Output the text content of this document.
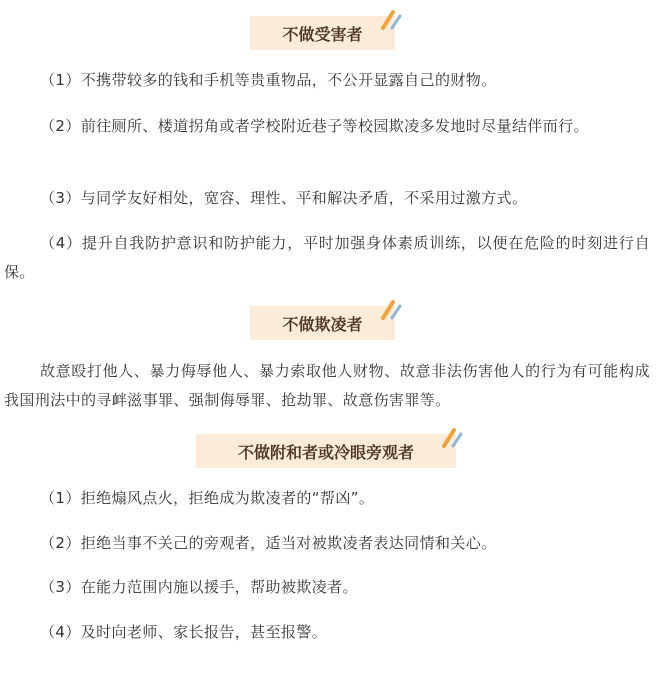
不做受害者

（1）不携带较多的钱和手机等贵重物品，不公开显露自己的财物。

（2）前往厕所、楼道拐角或者学校附近巷子等校园欺凌多发地时尽量结伴而行。

（3）与同学友好相处，宽容、理性、平和解决矛盾，不采用过激方式。

（4）提升自我防护意识和防护能力，平时加强身体素质训练，以便在危险的时刻进行自保。

不做欺凌者

故意殴打他人、暴力侮辱他人、暴力索取他人财物、故意非法伤害他人的行为有可能构成我国刑法中的寻衅滋事罪、强制侮辱罪、抢劫罪、故意伤害罪等。

不做附和者或冷眼旁观者

（1）拒绝煽风点火，拒绝成为欺凌者的“帮凶”。

（2）拒绝当事不关己的旁观者，适当对被欺凌者表达同情和关心。

（3）在能力范围内施以援手，帮助被欺凌者。

（4）及时向老师、家长报告，甚至报警。
